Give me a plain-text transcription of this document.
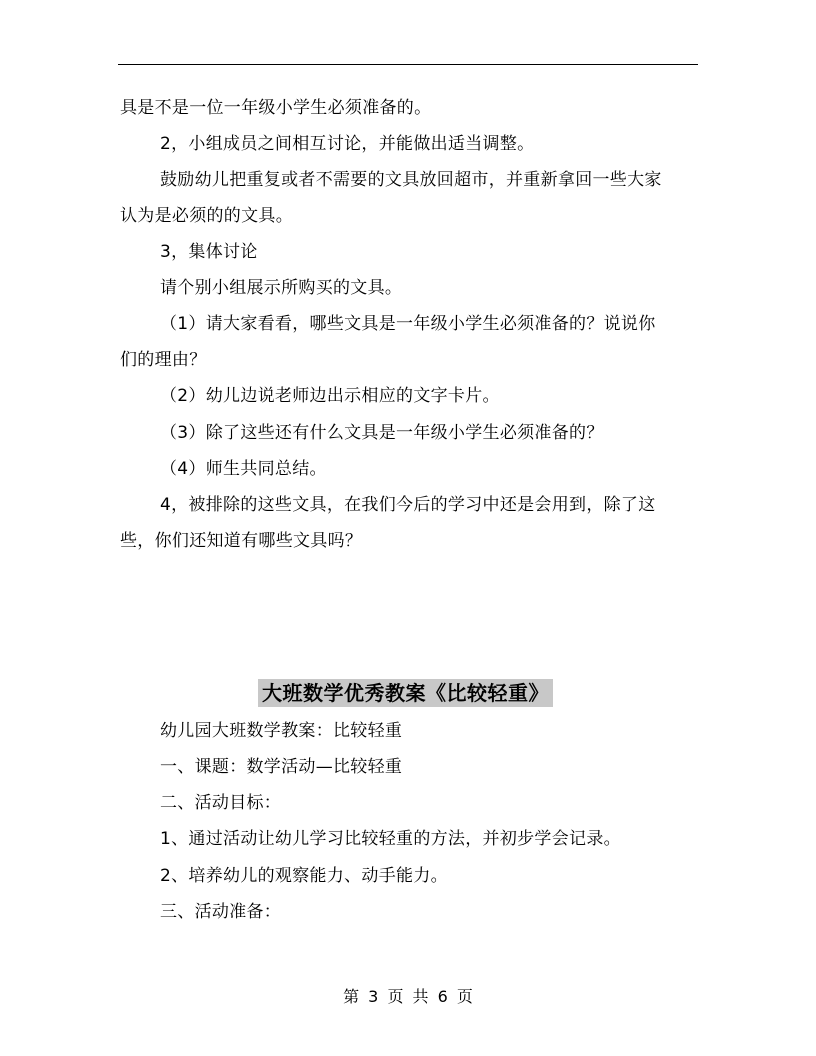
具是不是一位一年级小学生必须准备的。
2，小组成员之间相互讨论，并能做出适当调整。
鼓励幼儿把重复或者不需要的文具放回超市，并重新拿回一些大家
认为是必须的的文具。
3，集体讨论
请个别小组展示所购买的文具。
（1）请大家看看，哪些文具是一年级小学生必须准备的？说说你
们的理由？
（2）幼儿边说老师边出示相应的文字卡片。
（3）除了这些还有什么文具是一年级小学生必须准备的？
（4）师生共同总结。
4，被排除的这些文具，在我们今后的学习中还是会用到，除了这
些，你们还知道有哪些文具吗？
幼儿园大班数学教案：比较轻重
一、课题：数学活动—比较轻重
二、活动目标：
1、通过活动让幼儿学习比较轻重的方法，并初步学会记录。
2、培养幼儿的观察能力、动手能力。
三、活动准备：
大班数学优秀教案《比较轻重》
第 3 页 共 6 页
